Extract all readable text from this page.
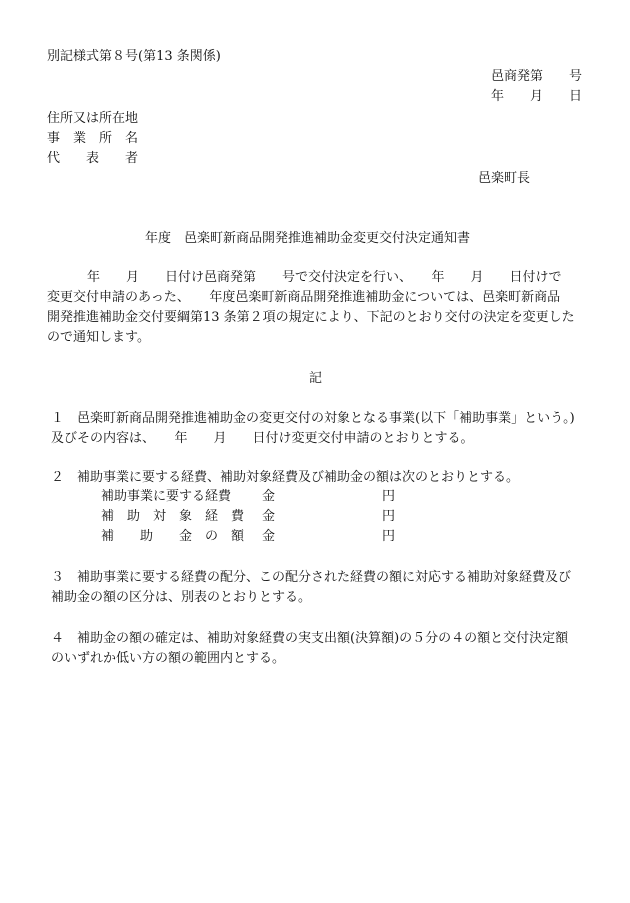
別記様式第８号(第13 条関係)
邑商発第　　号
年　　月　　日
住所又は所在地
事　業　所　名
代　　表　　者
邑楽町長
年度　邑楽町新商品開発推進補助金変更交付決定通知書
年　　月　　日付け邑商発第　　号で交付決定を行い、　　年　　月　　日付けで
変更交付申請のあった、　　年度邑楽町新商品開発推進補助金については、邑楽町新商品
開発推進補助金交付要綱第13 条第２項の規定により、下記のとおり交付の決定を変更した
ので通知します。
記
１　邑楽町新商品開発推進補助金の変更交付の対象となる事業(以下「補助事業」という。)
及びその内容は、　　年　　月　　日付け変更交付申請のとおりとする。
２　補助事業に要する経費、補助対象経費及び補助金の額は次のとおりとする。
補助事業に要する経費 金	円
補　助　対　象　経　費 金	円
補　　助　　金　の　額 金	円
３　補助事業に要する経費の配分、この配分された経費の額に対応する補助対象経費及び
補助金の額の区分は、別表のとおりとする。
４　補助金の額の確定は、補助対象経費の実支出額(決算額)の５分の４の額と交付決定額
のいずれか低い方の額の範囲内とする。
